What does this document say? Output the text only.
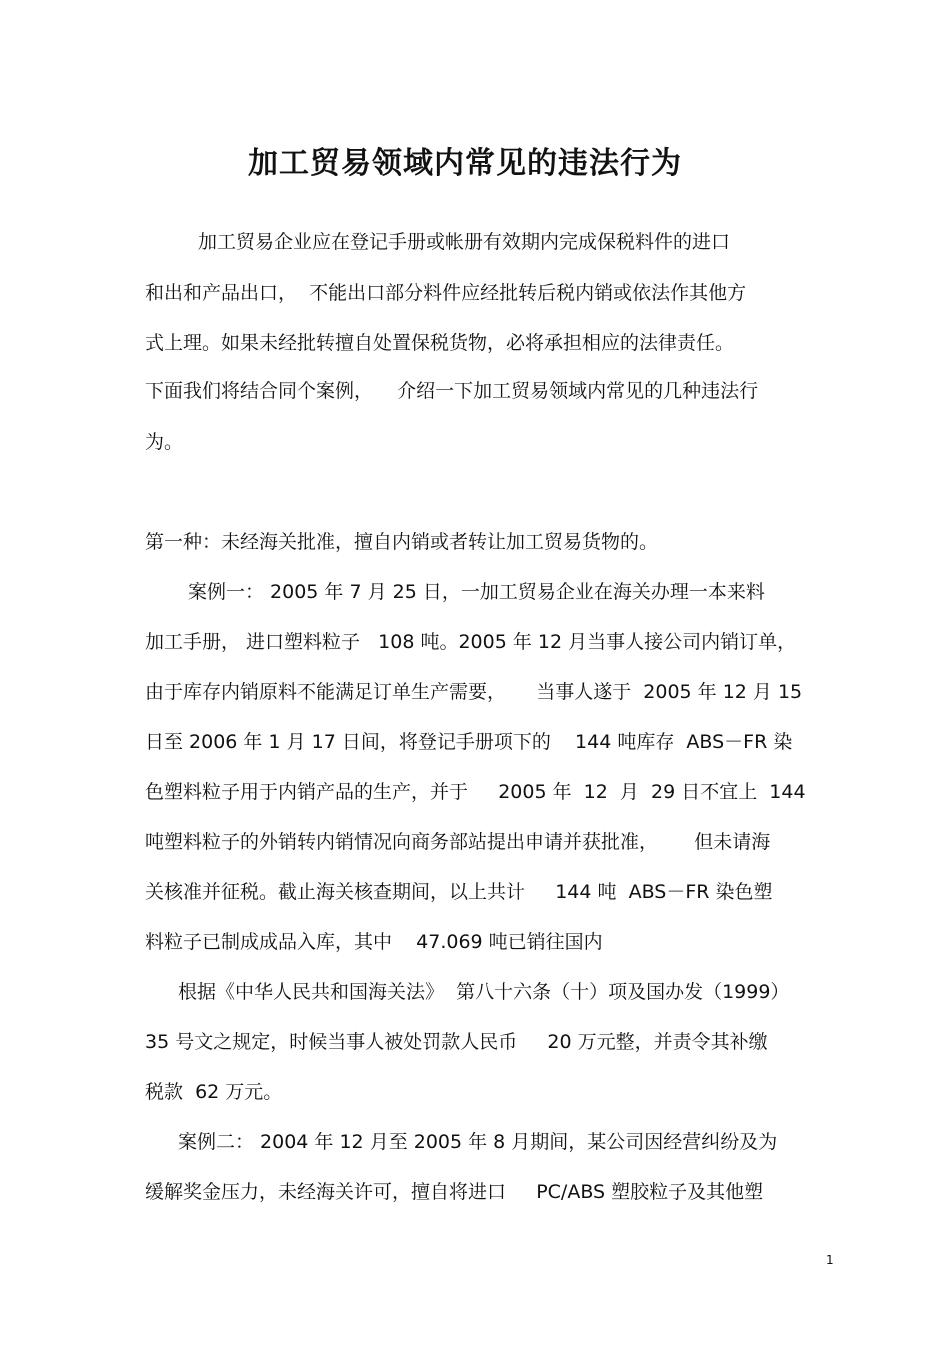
加工贸易领域内常见的违法行为
加工贸易企业应在登记手册或帐册有效期内完成保税料件的进口
和出和产品出口，  不能出口部分料件应经批转后税内销或依法作其他方
式上理。如果未经批转擅自处置保税货物，必将承担相应的法律责任。
下面我们将结合同个案例，    介绍一下加工贸易领域内常见的几种违法行
为。
第一种：未经海关批准，擅自内销或者转让加工贸易货物的。
案例一： 2005 年 7 月 25 日，一加工贸易企业在海关办理一本来料
加工手册， 进口塑料粒子   108 吨。2005 年 12 月当事人接公司内销订单，
由于库存内销原料不能满足订单生产需要，     当事人遂于  2005 年 12 月 15
日至 2006 年 1 月 17 日间，将登记手册项下的    144 吨库存  ABS－FR 染
色塑料粒子用于内销产品的生产，并于     2005 年  12  月  29 日不宜上  144
吨塑料粒子的外销转内销情况向商务部站提出申请并获批准，      但未请海
关核准并征税。截止海关核查期间，以上共计     144 吨  ABS－FR 染色塑
料粒子已制成成品入库，其中    47.069 吨已销往国内
根据《中华人民共和国海关法》  第八十六条（十）项及国办发（1999）
35 号文之规定，时候当事人被处罚款人民币     20 万元整，并责令其补缴
税款  62 万元。
案例二： 2004 年 12 月至 2005 年 8 月期间，某公司因经营纠纷及为
缓解奖金压力，未经海关许可，擅自将进口     PC/ABS 塑胶粒子及其他塑
1
